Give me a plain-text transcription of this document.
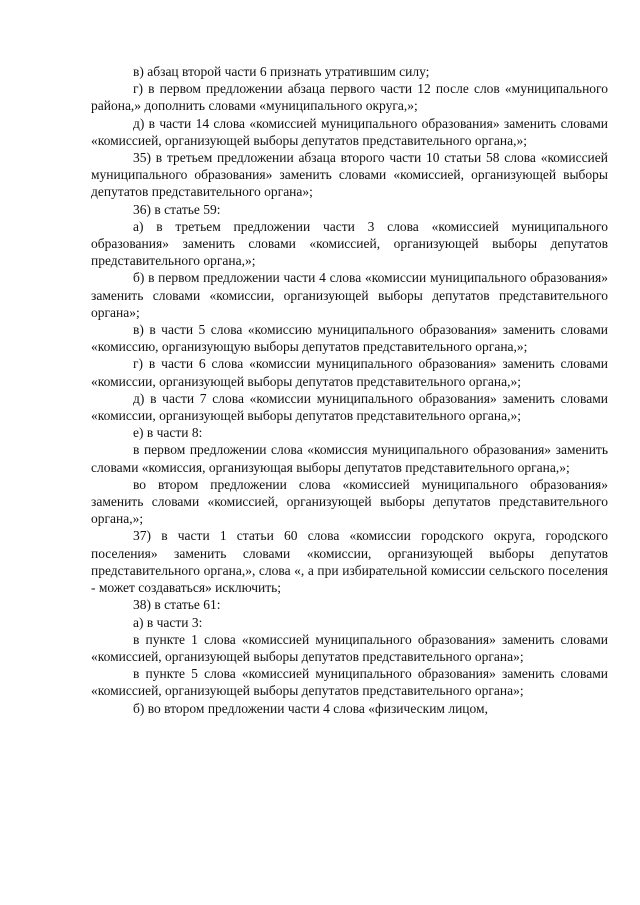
в) абзац второй части 6 признать утратившим силу;

г) в первом предложении абзаца первого части 12 после слов «муниципального района,» дополнить словами «муниципального округа,»;

д) в части 14 слова «комиссией муниципального образования» заменить словами «комиссией, организующей выборы депутатов представительного органа,»;

35) в третьем предложении абзаца второго части 10 статьи 58 слова «комиссией муниципального образования» заменить словами «комиссией, организующей выборы депутатов представительного органа»;

36) в статье 59:

а) в третьем предложении части 3 слова «комиссией муниципального образования» заменить словами «комиссией, организующей выборы депутатов представительного органа,»;

б) в первом предложении части 4 слова «комиссии муниципального образования» заменить словами «комиссии, организующей выборы депутатов представительного органа»;

в) в части 5 слова «комиссию муниципального образования» заменить словами «комиссию, организующую выборы депутатов представительного органа,»;

г) в части 6 слова «комиссии муниципального образования» заменить словами «комиссии, организующей выборы депутатов представительного органа,»;

д) в части 7 слова «комиссии муниципального образования» заменить словами «комиссии, организующей выборы депутатов представительного органа,»;

е) в части 8:

в первом предложении слова «комиссия муниципального образования» заменить словами «комиссия, организующая выборы депутатов представительного органа,»;

во втором предложении слова «комиссией муниципального образования» заменить словами «комиссией, организующей выборы депутатов представительного органа,»;

37) в части 1 статьи 60 слова «комиссии городского округа, городского поселения» заменить словами «комиссии, организующей выборы депутатов представительного органа,», слова «, а при избирательной комиссии сельского поселения - может создаваться» исключить;

38) в статье 61:

а) в части 3:

в пункте 1 слова «комиссией муниципального образования» заменить словами «комиссией, организующей выборы депутатов представительного органа»;

в пункте 5 слова «комиссией муниципального образования» заменить словами «комиссией, организующей выборы депутатов представительного органа»;

б) во втором предложении части 4 слова «физическим лицом,
